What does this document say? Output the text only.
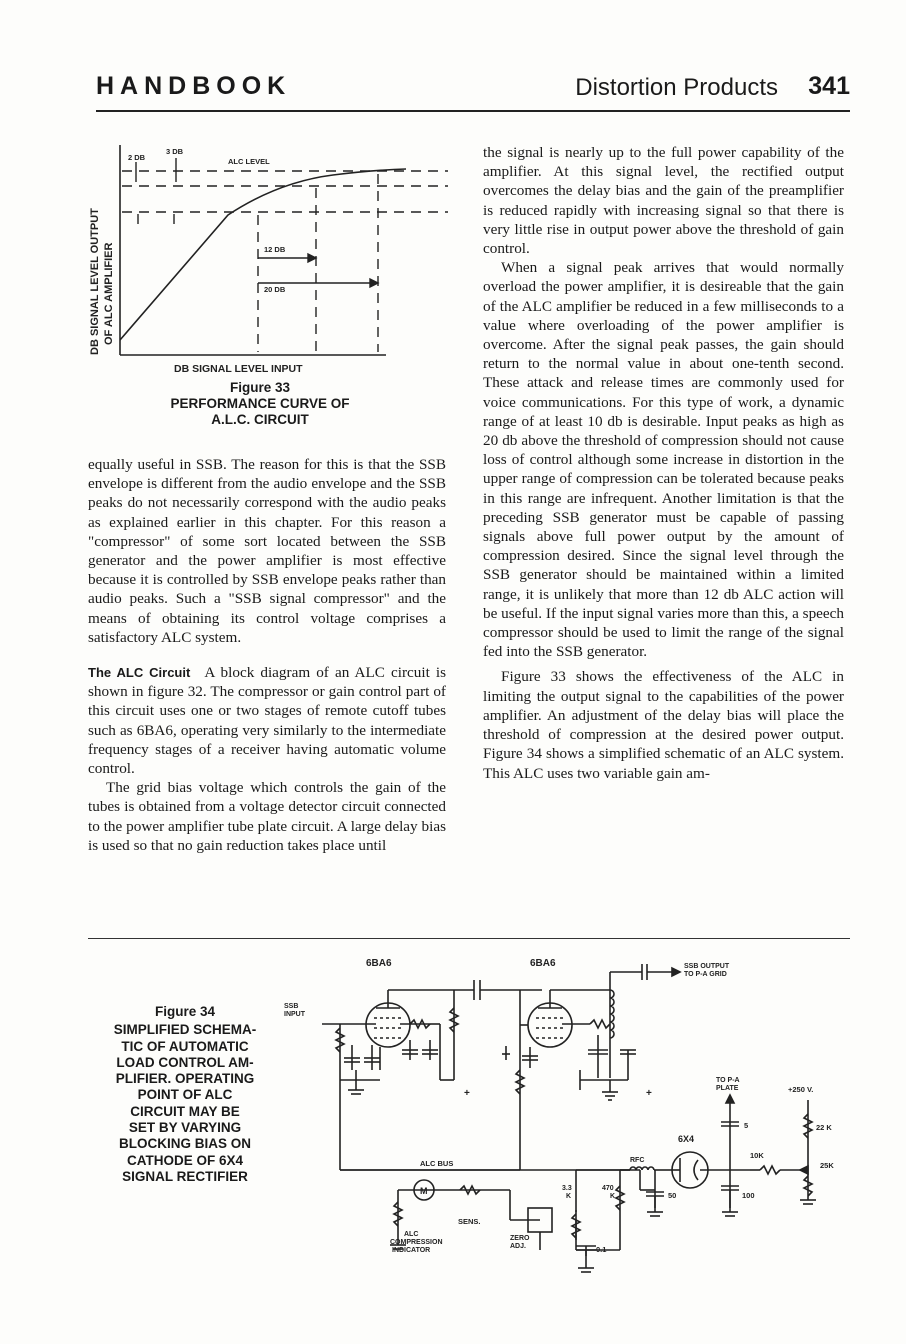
HANDBOOK	Distortion Products 341
2 DB
3 DB
ALC LEVEL
12 DB
20 DB
DB SIGNAL LEVEL OUTPUT OF ALC AMPLIFIER
DB SIGNAL LEVEL INPUT
Figure 33
PERFORMANCE CURVE OF
A.L.C. CIRCUIT

equally useful in SSB. The reason for this is that the SSB envelope is different from the audio envelope and the SSB peaks do not necessarily correspond with the audio peaks as explained earlier in this chapter. For this reason a "compressor" of some sort located between the SSB generator and the power amplifier is most effective because it is controlled by SSB envelope peaks rather than audio peaks. Such a "SSB signal compressor" and the means of obtaining its control voltage comprises a satisfactory ALC system.

The ALC Circuit A block diagram of an ALC circuit is shown in figure 32. The compressor or gain control part of this circuit uses one or two stages of remote cutoff tubes such as 6BA6, operating very similarly to the intermediate frequency stages of a receiver having automatic volume control.

The grid bias voltage which controls the gain of the tubes is obtained from a voltage detector circuit connected to the power amplifier tube plate circuit. A large delay bias is used so that no gain reduction takes place until

the signal is nearly up to the full power capability of the amplifier. At this signal level, the rectified output overcomes the delay bias and the gain of the preamplifier is reduced rapidly with increasing signal so that there is very little rise in output power above the threshold of gain control.

When a signal peak arrives that would normally overload the power amplifier, it is desireable that the gain of the ALC amplifier be reduced in a few milliseconds to a value where overloading of the power amplifier is overcome. After the signal peak passes, the gain should return to the normal value in about one-tenth second. These attack and release times are commonly used for voice communications. For this type of work, a dynamic range of at least 10 db is desirable. Input peaks as high as 20 db above the threshold of compression should not cause loss of control although some increase in distortion in the upper range of compression can be tolerated because peaks in this range are infrequent. Another limitation is that the preceding SSB generator must be capable of passing signals above full power output by the amount of compression desired. Since the signal level through the SSB generator should be maintained within a limited range, it is unlikely that more than 12 db ALC action will be useful. If the input signal varies more than this, a speech compressor should be used to limit the range of the signal fed into the SSB generator.

Figure 33 shows the effectiveness of the ALC in limiting the output signal to the capabilities of the power amplifier. An adjustment of the delay bias will place the threshold of compression at the desired power output. Figure 34 shows a simplified schematic of an ALC system. This ALC uses two variable gain am-

Figure 34
SIMPLIFIED SCHEMA-
TIC OF AUTOMATIC
LOAD CONTROL AM-
PLIFIER. OPERATING
POINT OF ALC
CIRCUIT MAY BE
SET BY VARYING
BLOCKING BIAS ON
CATHODE OF 6X4
SIGNAL RECTIFIER
6BA6	6BA6
SSB
INPUT
SSB OUTPUT
TO P-A GRID
TO P-A
PLATE	+250 V.
5	22 K
6X4
10K
25K
RFC
ALC BUS
M	3.3
K
470
K	50	100
0.1
SENS.
ZERO
ADJ.
ALC
COMPRESSION
INDICATOR
+	+
